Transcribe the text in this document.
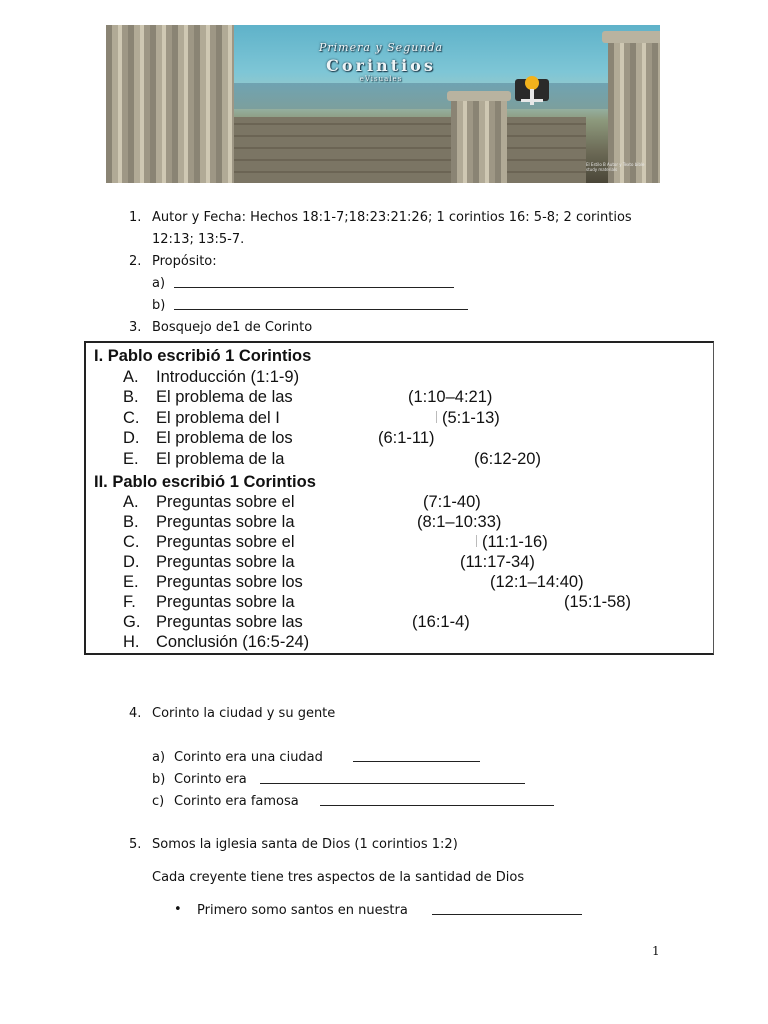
Primera y Segunda
Corintios
eVisuales
El Estilo B Autor y Texto bible study materials
1. Autor y Fecha: Hechos 18:1-7;18:23:21:26; 1 corintios 16: 5-8; 2 corintios
12:13; 13:5-7.
2. Propósito:
a)
b)
3. Bosquejo de1 de Corinto
I. Pablo escribió 1 Corintios
A. Introducción (1:1-9)
B. El problema de las	(1:10–4:21)
C. El problema del I	(5:1-13)
D. El problema de los	(6:1-11)
E. El problema de la	(6:12-20)
II. Pablo escribió 1 Corintios
A. Preguntas sobre el	(7:1-40)
B. Preguntas sobre la	(8:1–10:33)
C. Preguntas sobre el	(11:1-16)
D. Preguntas sobre la	(11:17-34)
E. Preguntas sobre los	(12:1–14:40)
F. Preguntas sobre la	(15:1-58)
G. Preguntas sobre las	(16:1-4)
H. Conclusión (16:5-24)
4. Corinto la ciudad y su gente
a) Corinto era una ciudad
b) Corinto era
c) Corinto era famosa
5. Somos la iglesia santa de Dios (1 corintios 1:2)
Cada creyente tiene tres aspectos de la santidad de Dios
• Primero somo santos en nuestra
1
